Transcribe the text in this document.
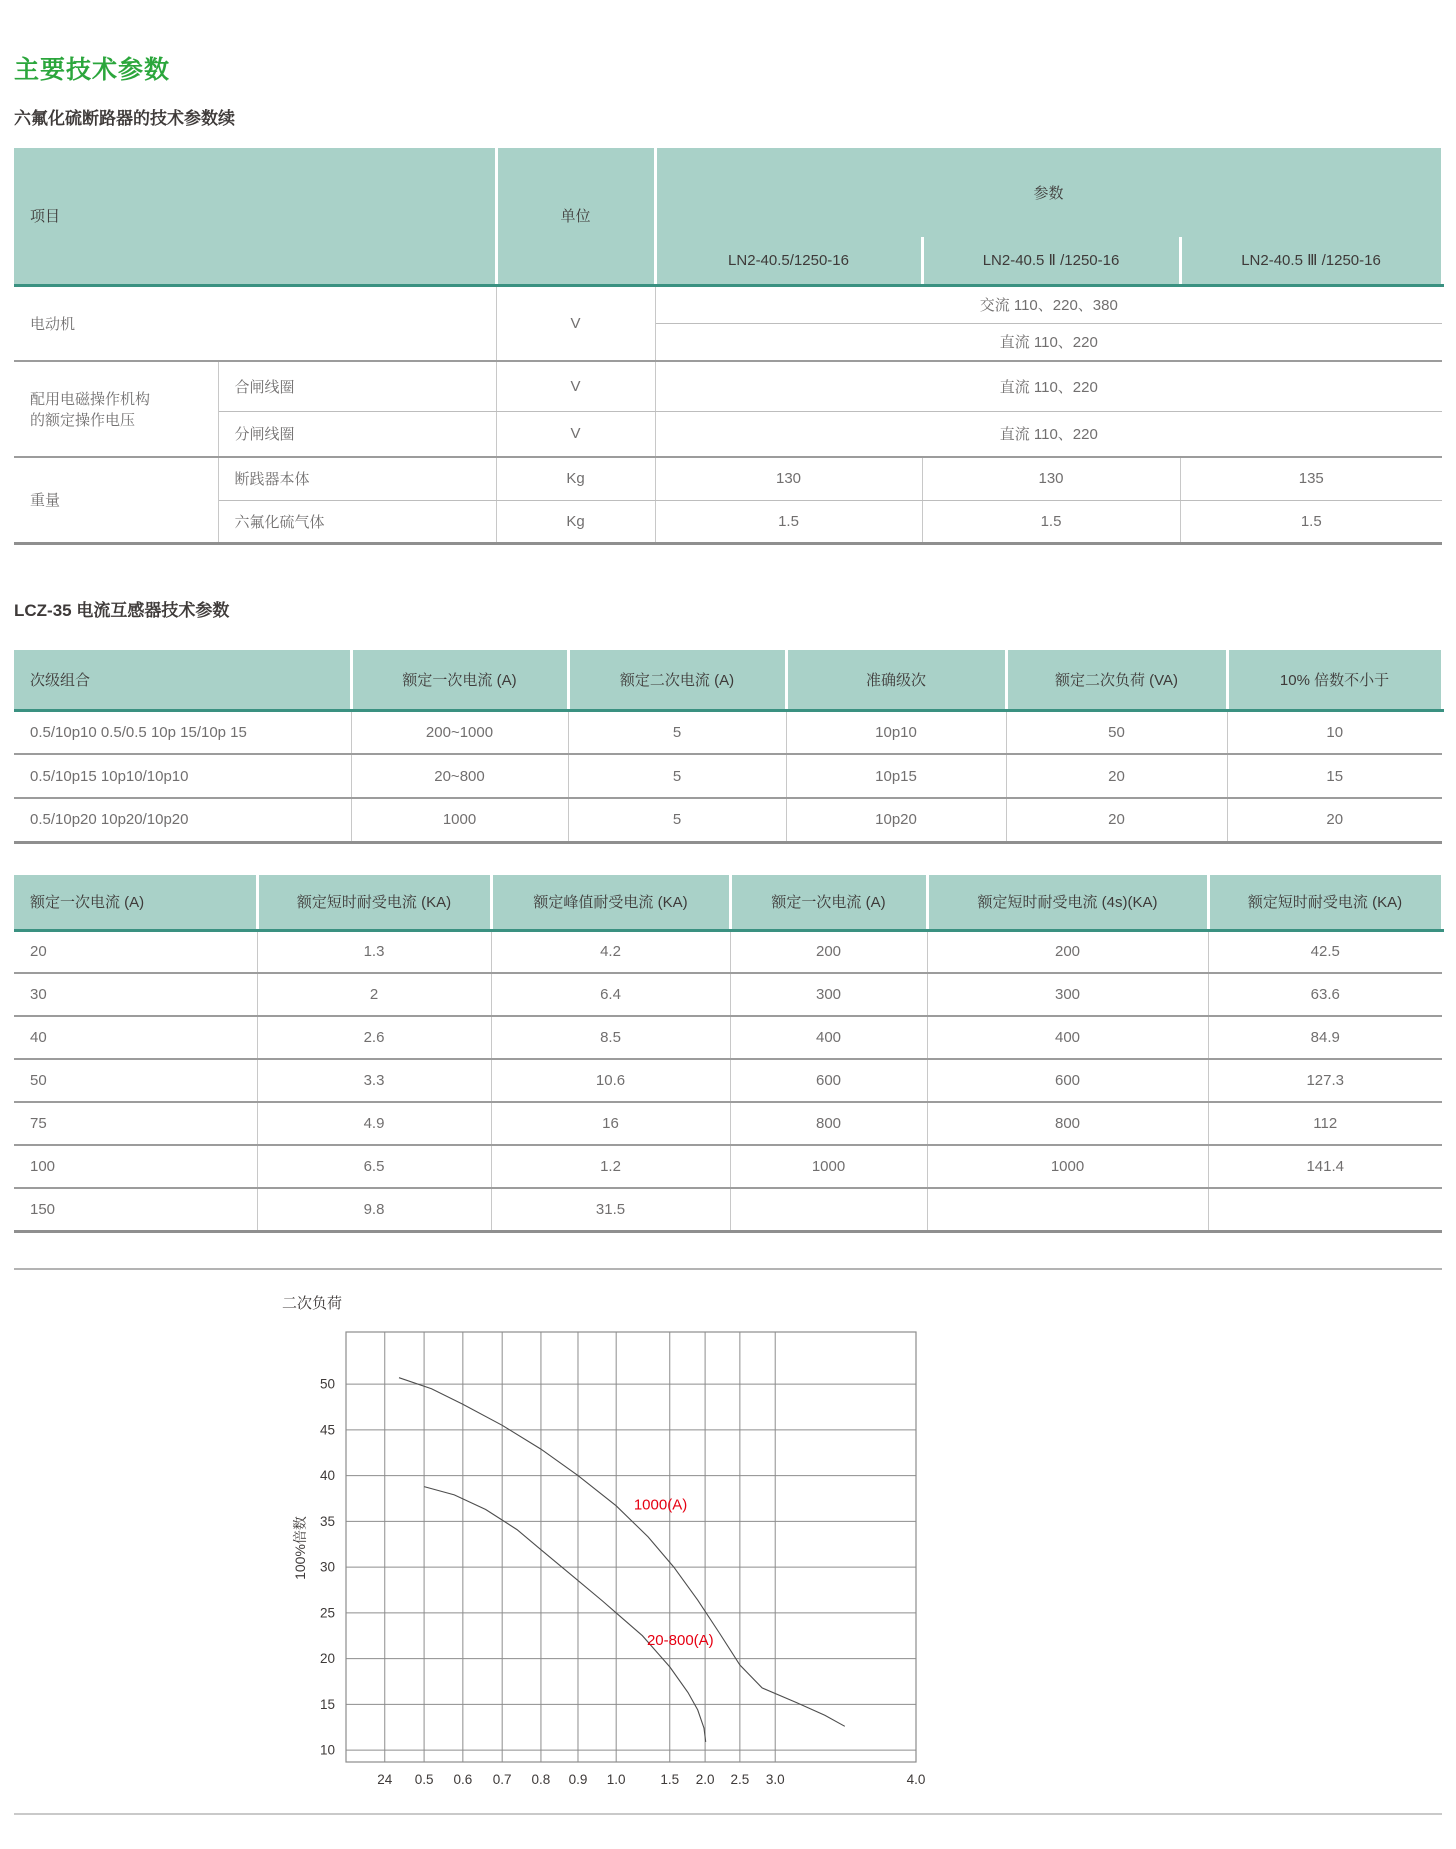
主要技术参数
六氟化硫断路器的技术参数续
项目		单位	参数		
			LN2-40.5/1250-16	LN2-40.5 Ⅱ /1250-16	LN2-40.5 Ⅲ /1250-16
电动机		V	交流 110、220、380		
			直流 110、220		
配用电磁操作机构的额定操作电压	合闸线圈	V	直流 110、220		
	分闸线圈	V	直流 110、220		
重量	断践器本体	Kg	130	130	135
	六氟化硫气体	Kg	1.5	1.5	1.5
LCZ-35 电流互感器技术参数
次级组合	额定一次电流 (A)	额定二次电流 (A)	准确级次	额定二次负荷 (VA)	10% 倍数不小于
0.5/10p10 0.5/0.5 10p 15/10p 15	200~1000	5	10p10	50	10
0.5/10p15 10p10/10p10	20~800	5	10p15	20	15
0.5/10p20 10p20/10p20	1000	5	10p20	20	20
额定一次电流 (A)	额定短时耐受电流 (KA)	额定峰值耐受电流 (KA)	额定一次电流 (A)	额定短时耐受电流 (4s)(KA)	额定短时耐受电流 (KA)
20	1.3	4.2	200	200	42.5
30	2	6.4	300	300	63.6
40	2.6	8.5	400	400	84.9
50	3.3	10.6	600	600	127.3
75	4.9	16	800	800	112
100	6.5	1.2	1000	1000	141.4
150	9.8	31.5			
二次负荷
100%倍数
24 0.5 0.6 0.7 0.8 0.9 1.0	1.5 2.0 2.5 3.0	4.0
50
45
40
35
30
25
20
15
10
1000(A)
20-800(A)
